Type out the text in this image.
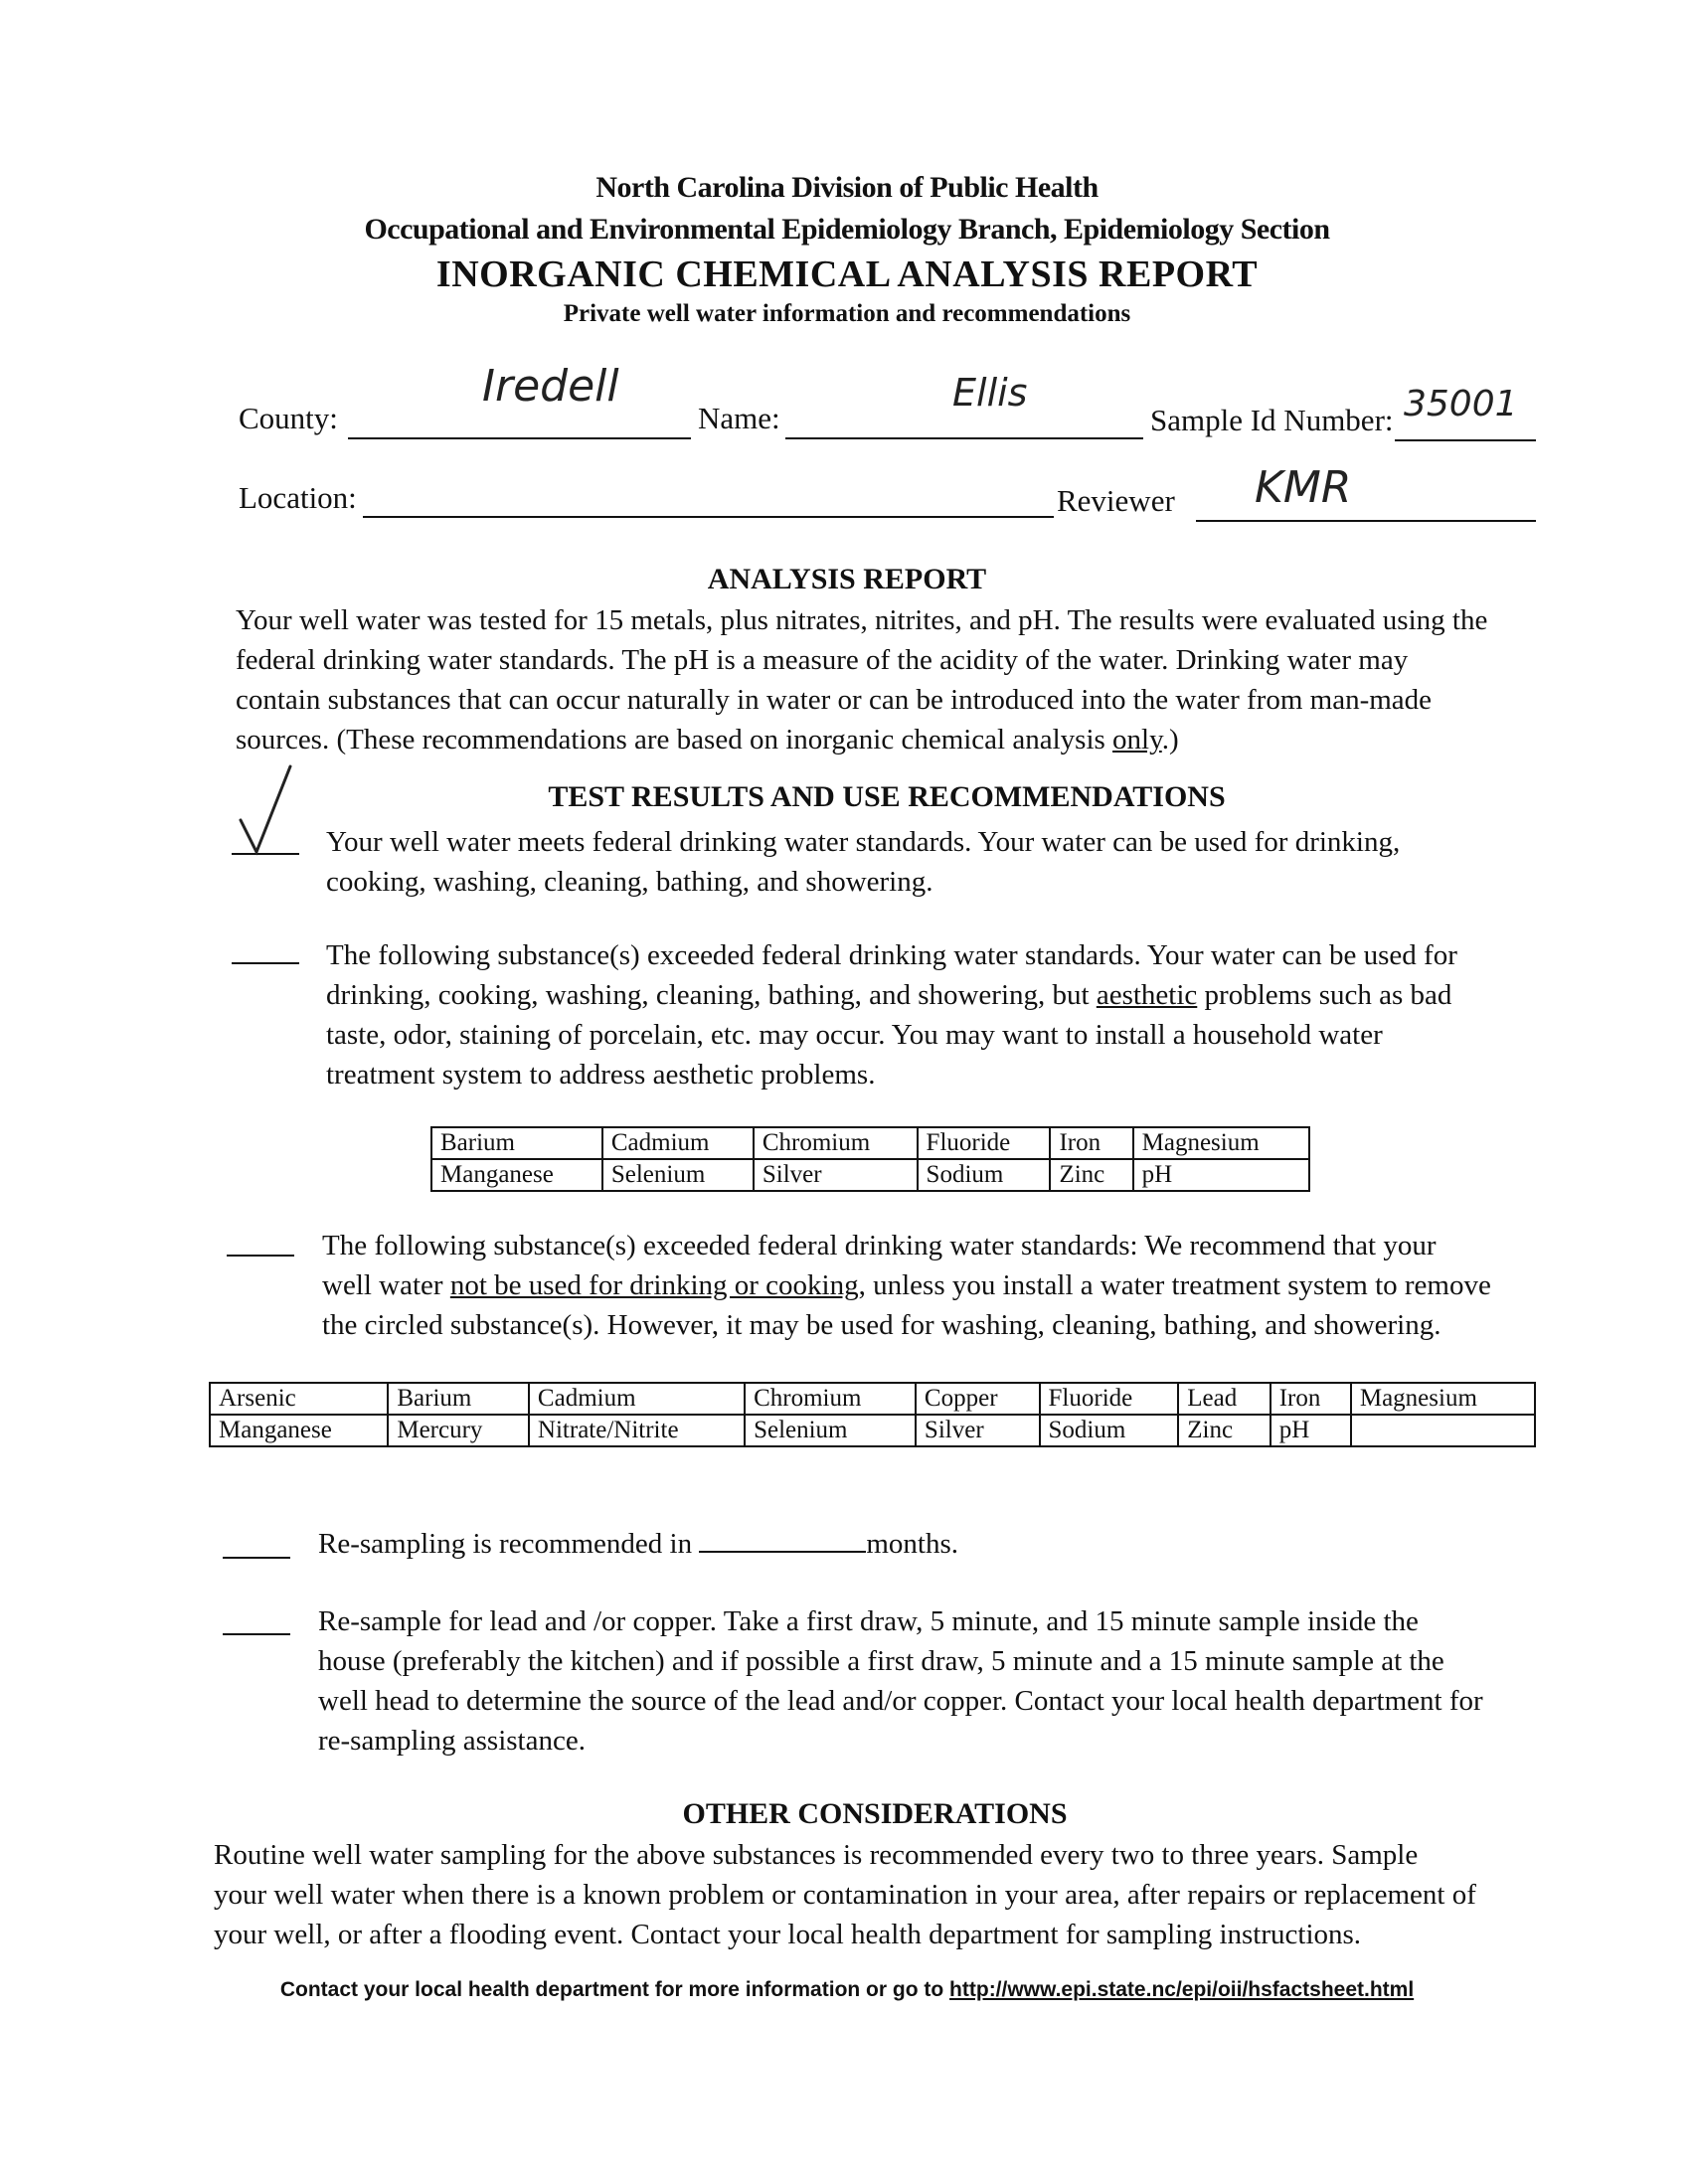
North Carolina Division of Public Health
Occupational and Environmental Epidemiology Branch, Epidemiology Section
INORGANIC CHEMICAL ANALYSIS REPORT
Private well water information and recommendations
County:
Iredell
Name:
Ellis
Sample Id Number: 35001
Location:	Reviewer KMR
ANALYSIS REPORT
Your well water was tested for 15 metals, plus nitrates, nitrites, and pH. The results were evaluated using the
federal drinking water standards. The pH is a measure of the acidity of the water. Drinking water may
contain substances that can occur naturally in water or can be introduced into the water from man-made
sources. (These recommendations are based on inorganic chemical analysis only.)
TEST RESULTS AND USE RECOMMENDATIONS
Your well water meets federal drinking water standards. Your water can be used for drinking,
cooking, washing, cleaning, bathing, and showering.
The following substance(s) exceeded federal drinking water standards. Your water can be used for
drinking, cooking, washing, cleaning, bathing, and showering, but aesthetic problems such as bad
taste, odor, staining of porcelain, etc. may occur. You may want to install a household water
treatment system to address aesthetic problems.
Barium	Cadmium	Chromium	Fluoride	Iron	Magnesium
Manganese	Selenium	Silver	Sodium	Zinc	pH
The following substance(s) exceeded federal drinking water standards: We recommend that your
well water not be used for drinking or cooking, unless you install a water treatment system to remove
the circled substance(s). However, it may be used for washing, cleaning, bathing, and showering.
Arsenic	Barium	Cadmium	Chromium	Copper	Fluoride	Lead	Iron	Magnesium
Manganese	Mercury	Nitrate/Nitrite	Selenium	Silver	Sodium	Zinc	pH	
Re-sampling is recommended in	months.
Re-sample for lead and /or copper. Take a first draw, 5 minute, and 15 minute sample inside the
house (preferably the kitchen) and if possible a first draw, 5 minute and a 15 minute sample at the
well head to determine the source of the lead and/or copper. Contact your local health department for
re-sampling assistance.
OTHER CONSIDERATIONS
Routine well water sampling for the above substances is recommended every two to three years. Sample
your well water when there is a known problem or contamination in your area, after repairs or replacement of
your well, or after a flooding event. Contact your local health department for sampling instructions.
Contact your local health department for more information or go to http://www.epi.state.nc/epi/oii/hsfactsheet.html
